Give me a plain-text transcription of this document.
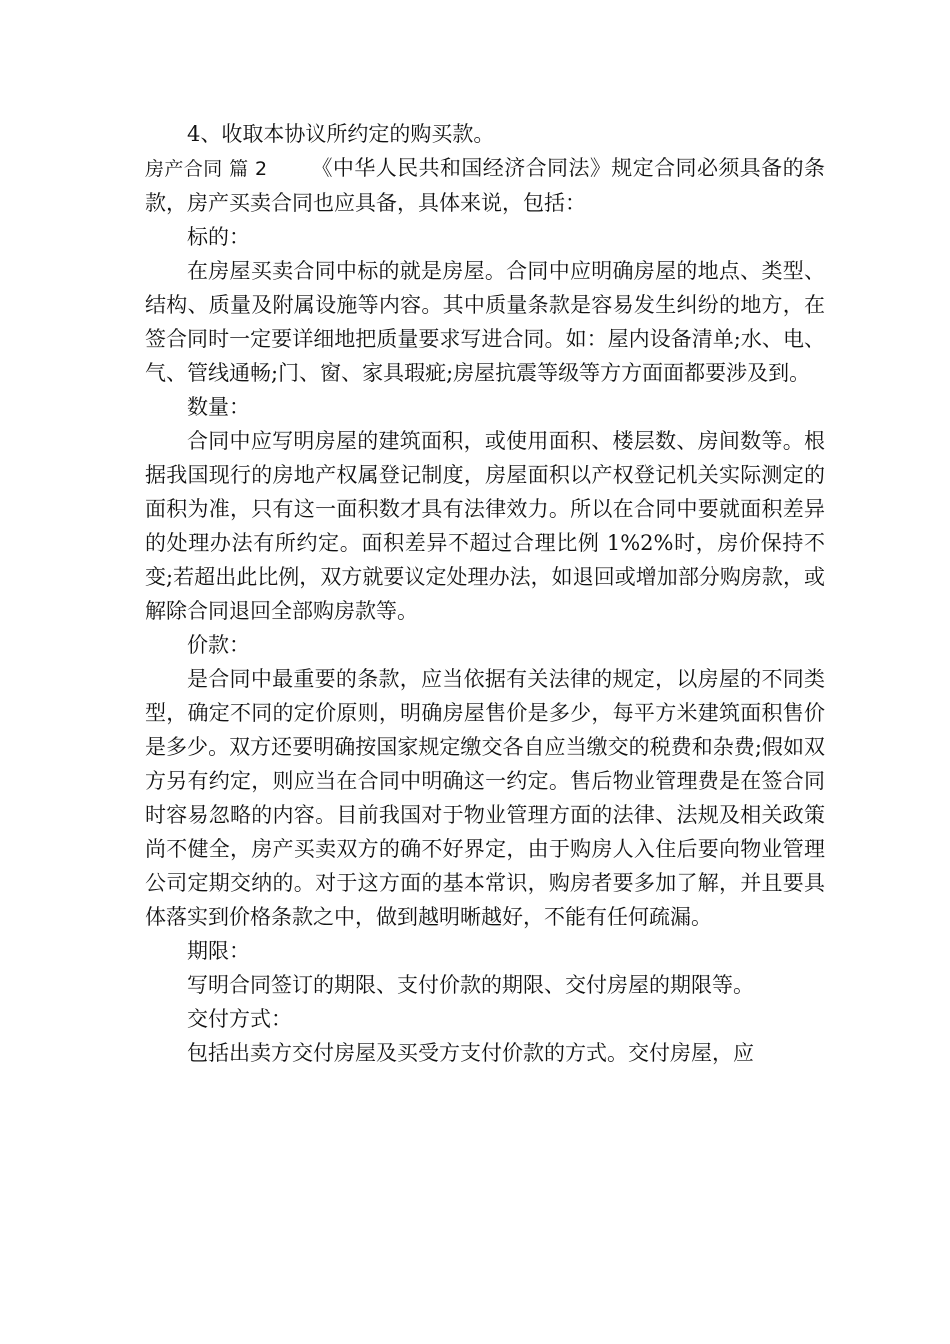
4、收取本协议所约定的购买款。

房产合同 篇 2 《中华人民共和国经济合同法》规定合同必须具备的条款，房产买卖合同也应具备，具体来说，包括：

标的：

在房屋买卖合同中标的就是房屋。合同中应明确房屋的地点、类型、结构、质量及附属设施等内容。其中质量条款是容易发生纠纷的地方，在签合同时一定要详细地把质量要求写进合同。如：屋内设备清单;水、电、气、管线通畅;门、窗、家具瑕疵;房屋抗震等级等方方面面都要涉及到。

数量：

合同中应写明房屋的建筑面积，或使用面积、楼层数、房间数等。根据我国现行的房地产权属登记制度，房屋面积以产权登记机关实际测定的面积为准，只有这一面积数才具有法律效力。所以在合同中要就面积差异的处理办法有所约定。面积差异不超过合理比例 1%2%时，房价保持不变;若超出此比例，双方就要议定处理办法，如退回或增加部分购房款，或解除合同退回全部购房款等。

价款：

是合同中最重要的条款，应当依据有关法律的规定，以房屋的不同类型，确定不同的定价原则，明确房屋售价是多少，每平方米建筑面积售价是多少。双方还要明确按国家规定缴交各自应当缴交的税费和杂费;假如双方另有约定，则应当在合同中明确这一约定。售后物业管理费是在签合同时容易忽略的内容。目前我国对于物业管理方面的法律、法规及相关政策尚不健全，房产买卖双方的确不好界定，由于购房人入住后要向物业管理公司定期交纳的。对于这方面的基本常识，购房者要多加了解，并且要具体落实到价格条款之中，做到越明晰越好，不能有任何疏漏。

期限：

写明合同签订的期限、支付价款的期限、交付房屋的期限等。

交付方式：

包括出卖方交付房屋及买受方支付价款的方式。交付房屋，应
